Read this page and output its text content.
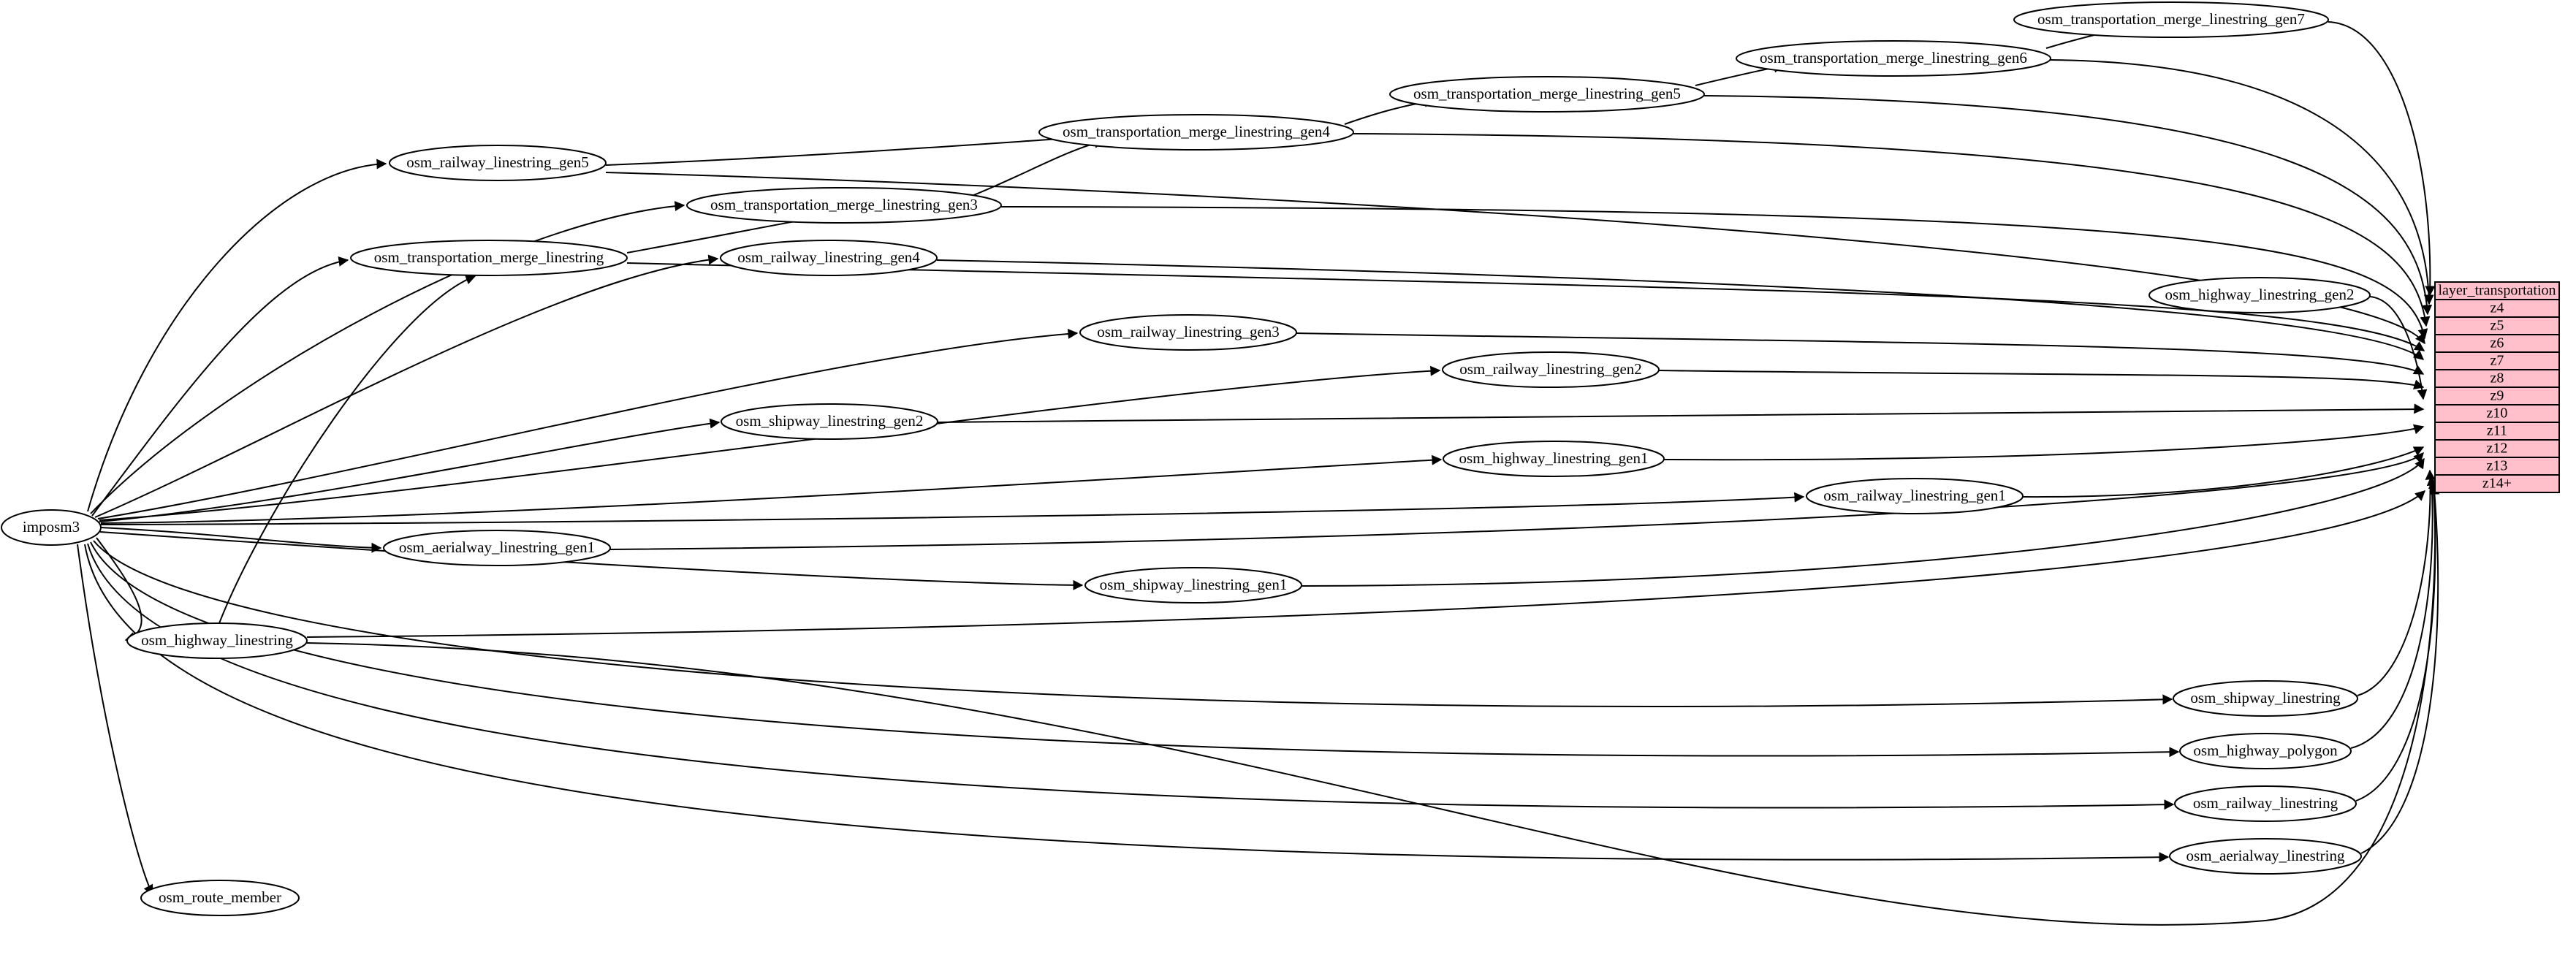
imposm3
osm_transportation_merge_linestring_gen7
osm_transportation_merge_linestring_gen6
osm_transportation_merge_linestring_gen5
osm_transportation_merge_linestring_gen4
osm_railway_linestring_gen5
osm_transportation_merge_linestring_gen3
osm_transportation_merge_linestring	osm_railway_linestring_gen4
osm_highway_linestring_gen2
osm_railway_linestring_gen3
osm_railway_linestring_gen2
osm_shipway_linestring_gen2
osm_highway_linestring_gen1
osm_railway_linestring_gen1
osm_aerialway_linestring_gen1
osm_shipway_linestring_gen1
osm_highway_linestring
osm_shipway_linestring
osm_highway_polygon
osm_railway_linestring
osm_aerialway_linestring
osm_route_member
layer_transportation
z4
z5
z6
z7
z8
z9
z10
z11
z12
z13
z14+
